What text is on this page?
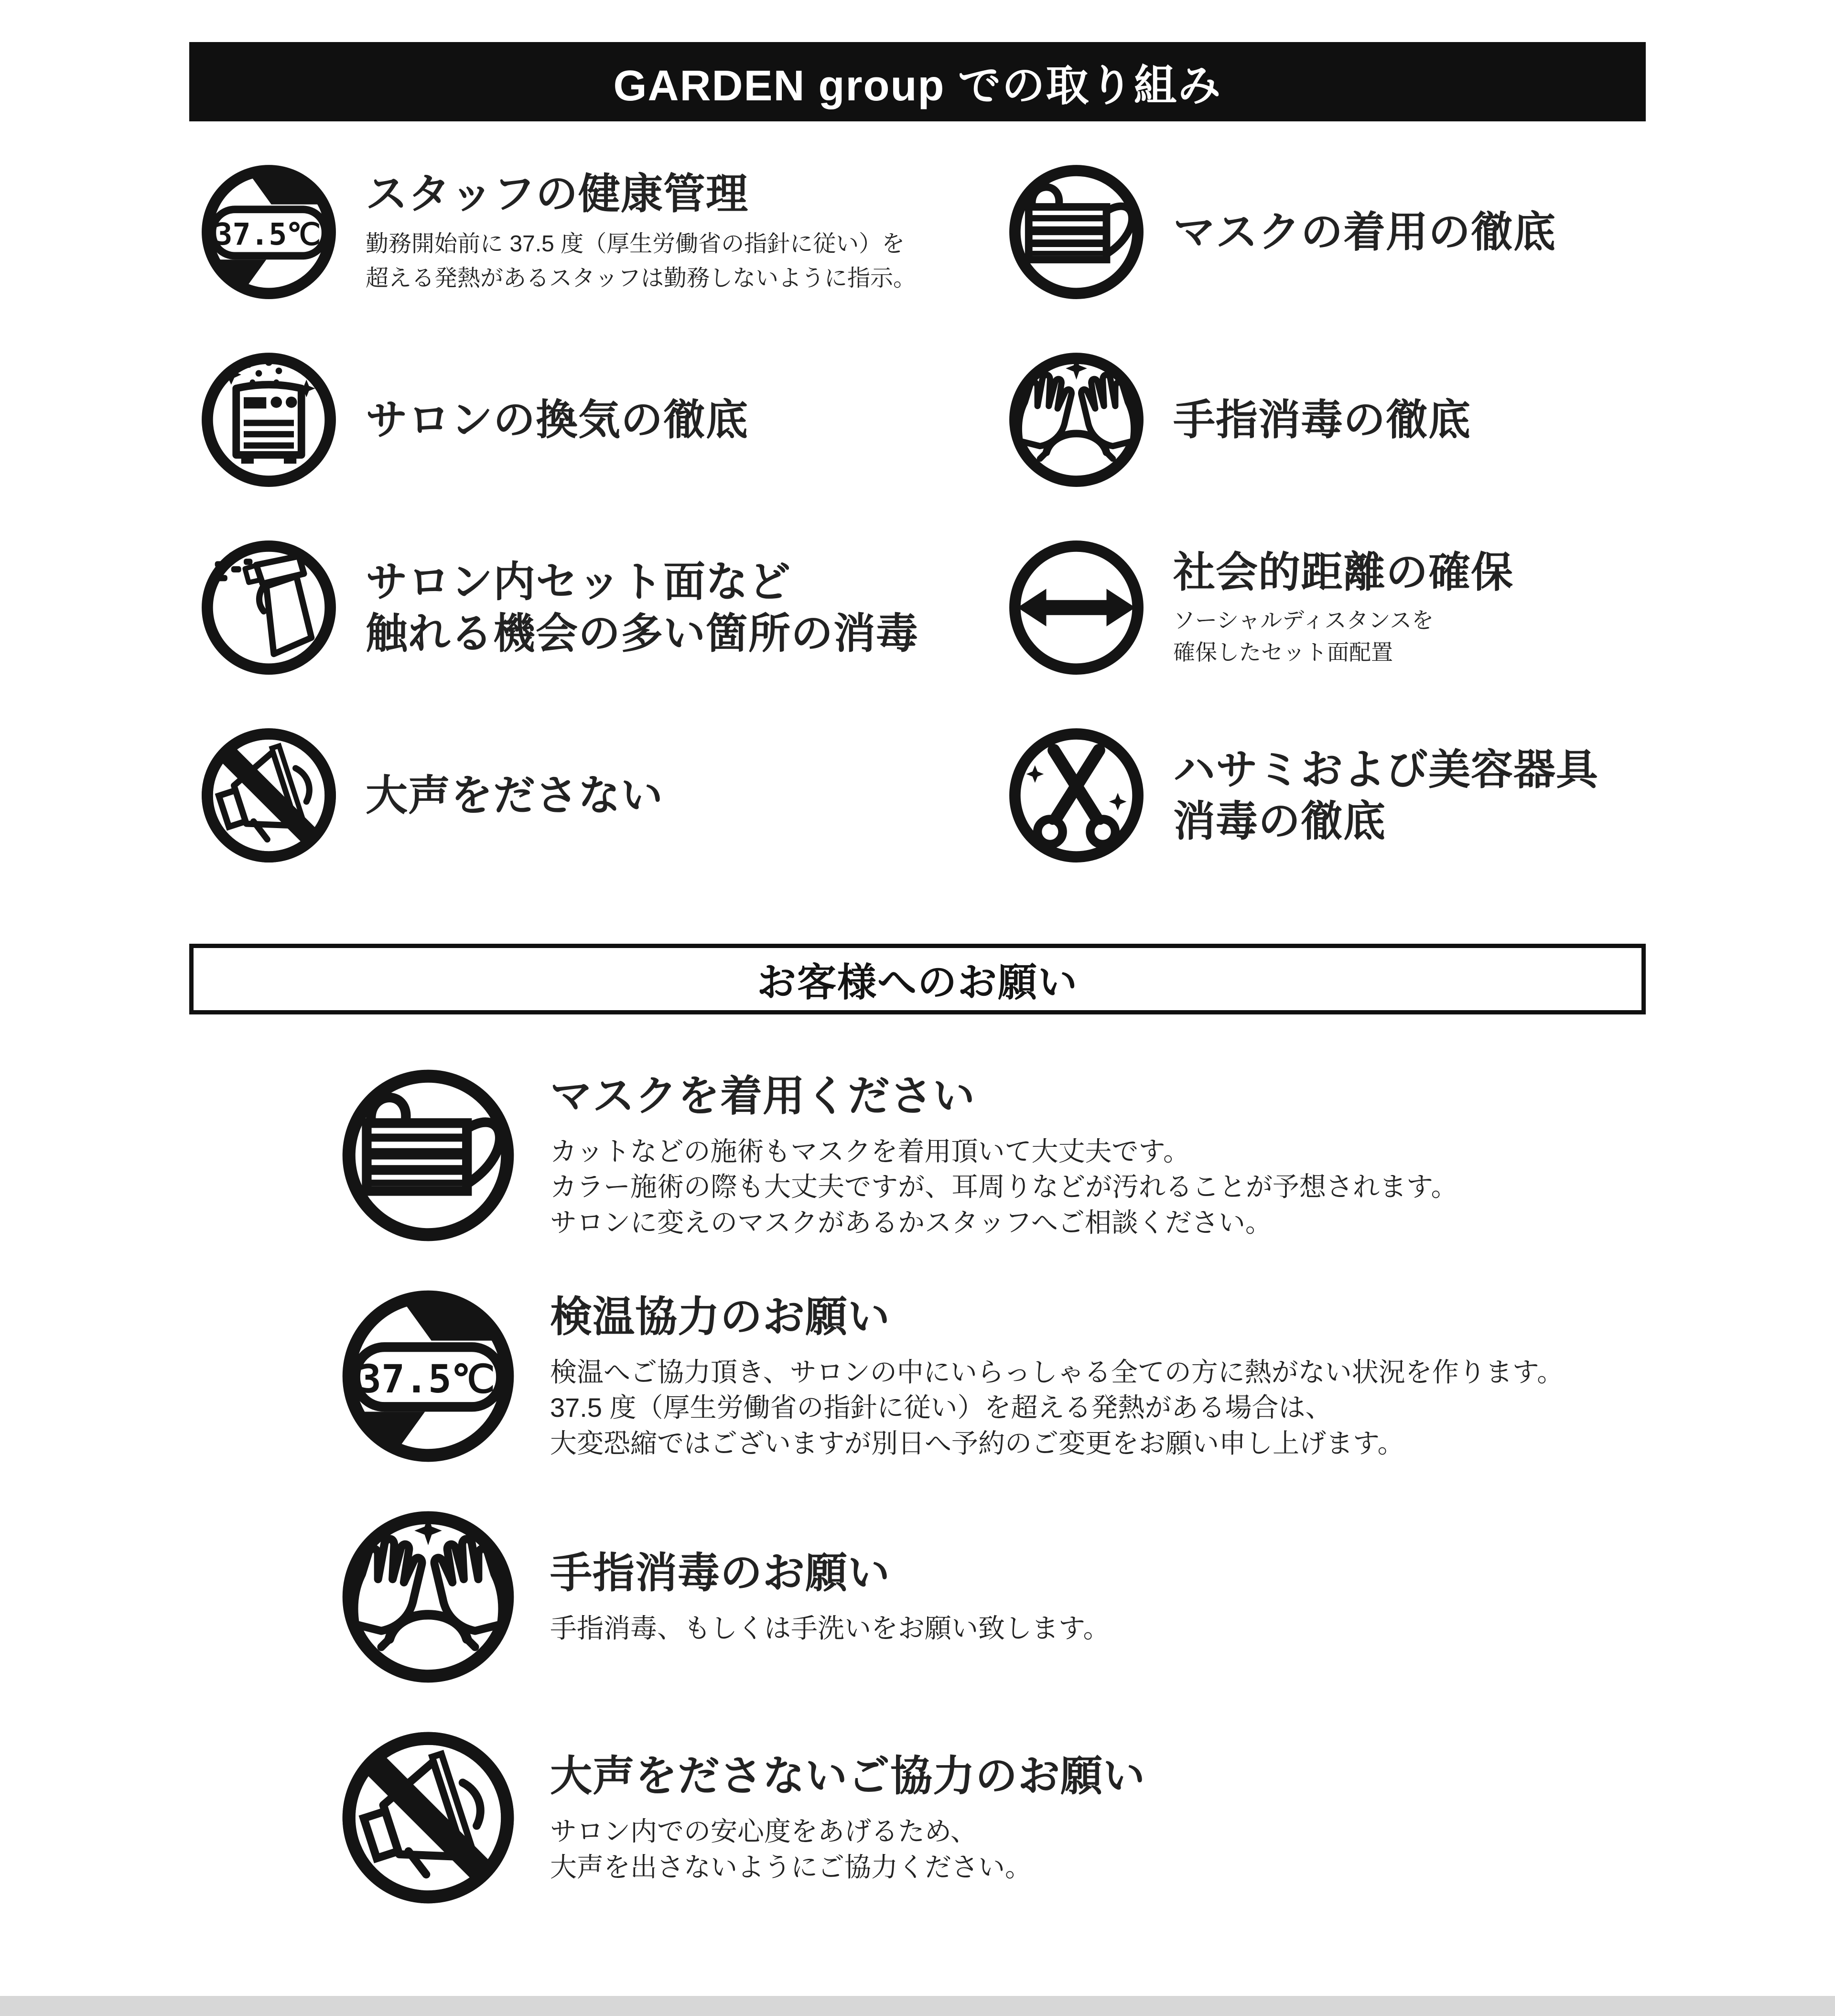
GARDEN group での取り組み
37.5℃
スタッフの健康管理
勤務開始前に 37.5 度（厚生労働省の指針に従い）を
超える発熱があるスタッフは勤務しないように指示。
マスクの着用の徹底
サロンの換気の徹底	手指消毒の徹底
サロン内セット面など
触れる機会の多い箇所の消毒
社会的距離の確保
ソーシャルディスタンスを
確保したセット面配置
大声をださない
ハサミおよび美容器具
消毒の徹底
お客様へのお願い
マスクを着用ください
カットなどの施術もマスクを着用頂いて大丈夫です。
カラー施術の際も大丈夫ですが、耳周りなどが汚れることが予想されます。
サロンに変えのマスクがあるかスタッフへご相談ください。
37.5℃
検温協力のお願い
検温へご協力頂き、サロンの中にいらっしゃる全ての方に熱がない状況を作ります。
37.5 度（厚生労働省の指針に従い）を超える発熱がある場合は、
大変恐縮ではございますが別日へ予約のご変更をお願い申し上げます。
手指消毒のお願い
手指消毒、もしくは手洗いをお願い致します。
大声をださないご協力のお願い
サロン内での安心度をあげるため、
大声を出さないようにご協力ください。
